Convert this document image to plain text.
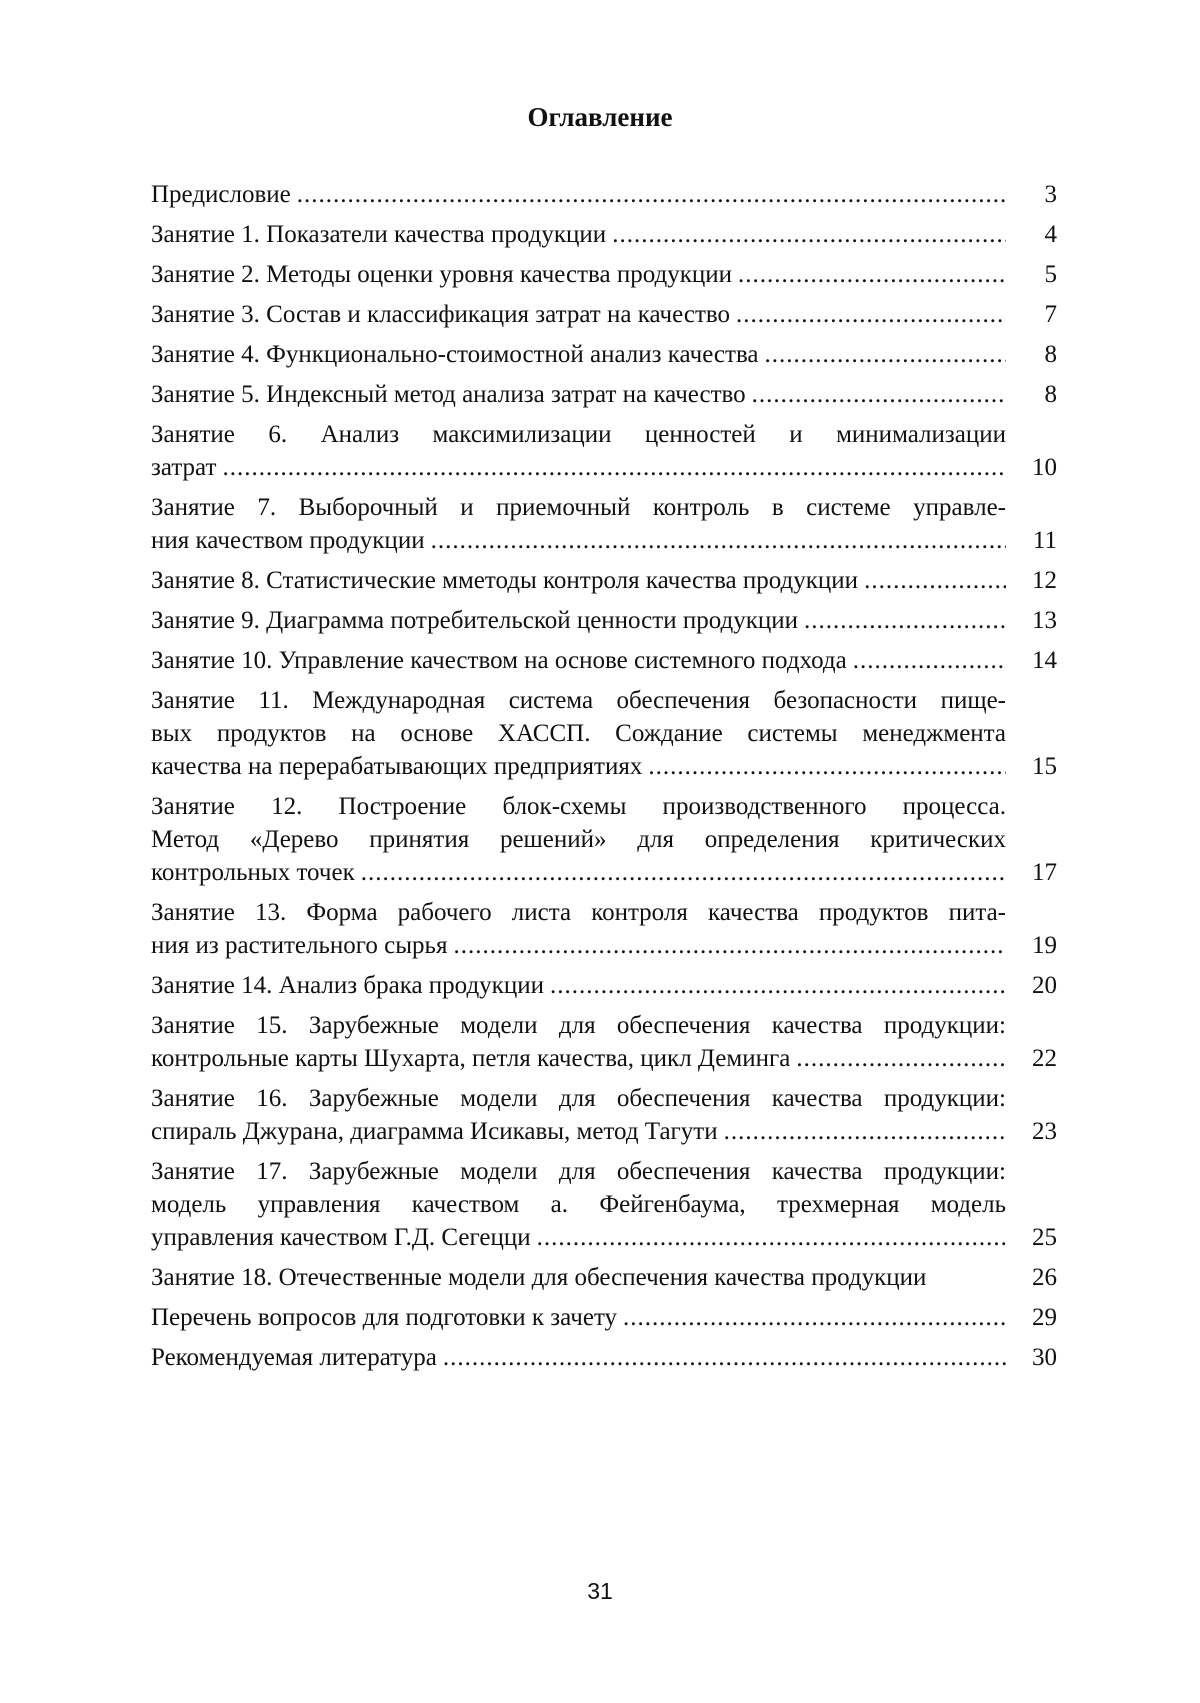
Оглавление
Предисловие .................................................................................................... 3
Занятие 1. Показатели качества продукции ......................................................	4
Занятие 2. Методы оценки уровня качества продукции .....................................	5
Занятие 3. Состав и классификация затрат на качество .....................................	7
Занятие 4. Функционально-стоимостной анализ качества .................................	8
Занятие 5. Индексный метод анализа затрат на качество ...................................	8
Занятие 6. Анализ максимилизации ценностей и минимализации
затрат ............................................................................................................	10
Занятие 7. Выборочный и приемочный контроль в системе управле-
ния качеством продукции ...............................................................................	11
Занятие 8. Статистические мметоды контроля качества продукции ...................	12
Занятие 9. Диаграмма потребительской ценности продукции ............................	13
Занятие 10. Управление качеством на основе системного подхода .....................	14
Занятие 11. Международная система обеспечения безопасности пище-
вых продуктов на основе ХАССП. Сождание системы менеджмента
качества на перерабатывающих предприятиях .................................................. 15
Занятие 12. Построение блок-схемы производственного процесса.
Метод «Дерево принятия решений» для определения критических
контрольных точек .........................................................................................	17
Занятие 13. Форма рабочего листа контроля качества продуктов пита-
ния из растительного сырья ............................................................................	19
Занятие 14. Анализ брака продукции ...............................................................	20
Занятие 15. Зарубежные модели для обеспечения качества продукции:
контрольные карты Шухарта, петля качества, цикл Деминга .............................	22
Занятие 16. Зарубежные модели для обеспечения качества продукции:
спираль Джурана, диаграмма Исикавы, метод Тагути .......................................	23
Занятие 17. Зарубежные модели для обеспечения качества продукции:
модель управления качеством а. Фейгенбаума, трехмерная модель
управления качеством Г.Д. Сегецци ................................................................. 25
Занятие 18. Отечественные модели для обеспечения качества продукции	26
Перечень вопросов для подготовки к зачету ..................................................... 29
Рекомендуемая литература .............................................................................	30
31
